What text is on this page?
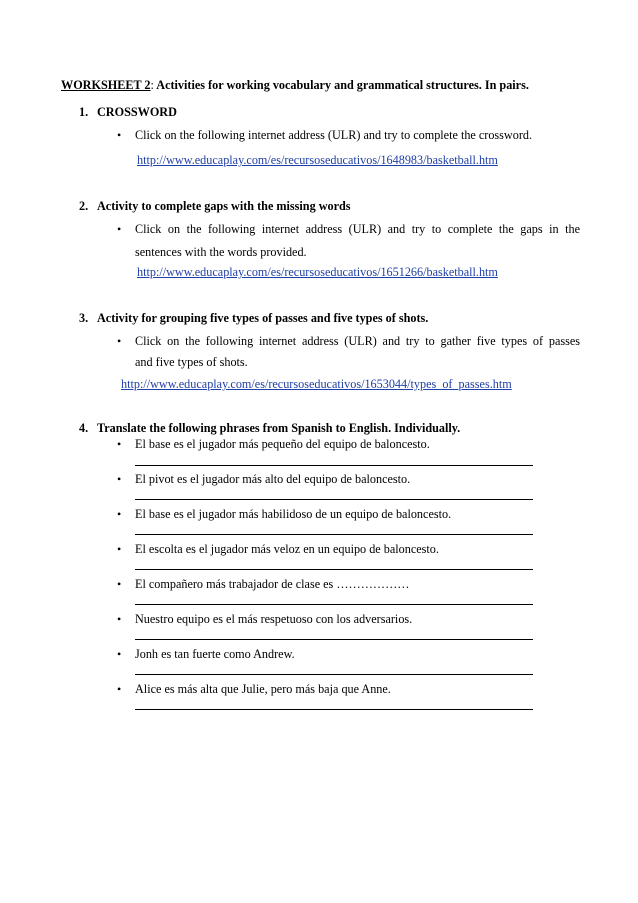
WORKSHEET 2: Activities for working vocabulary and grammatical structures. In pairs.
1. CROSSWORD
• Click on the following internet address (ULR) and try to complete the crossword.
http://www.educaplay.com/es/recursoseducativos/1648983/basketball.htm
2. Activity to complete gaps with the missing words
• Click on the following internet address (ULR) and try to complete the gaps in the
sentences with the words provided.
http://www.educaplay.com/es/recursoseducativos/1651266/basketball.htm
3. Activity for grouping five types of passes and five types of shots.
• Click on the following internet address (ULR) and try to gather five types of passes
and five types of shots.
http://www.educaplay.com/es/recursoseducativos/1653044/types_of_passes.htm
4. Translate the following phrases from Spanish to English. Individually.
• El base es el jugador más pequeño del equipo de baloncesto.
• El pivot es el jugador más alto del equipo de baloncesto.
• El base es el jugador más habilidoso de un equipo de baloncesto.
• El escolta es el jugador más veloz en un equipo de baloncesto.
• El compañero más trabajador de clase es ………………
• Nuestro equipo es el más respetuoso con los adversarios.
• Jonh es tan fuerte como Andrew.
• Alice es más alta que Julie, pero más baja que Anne.
